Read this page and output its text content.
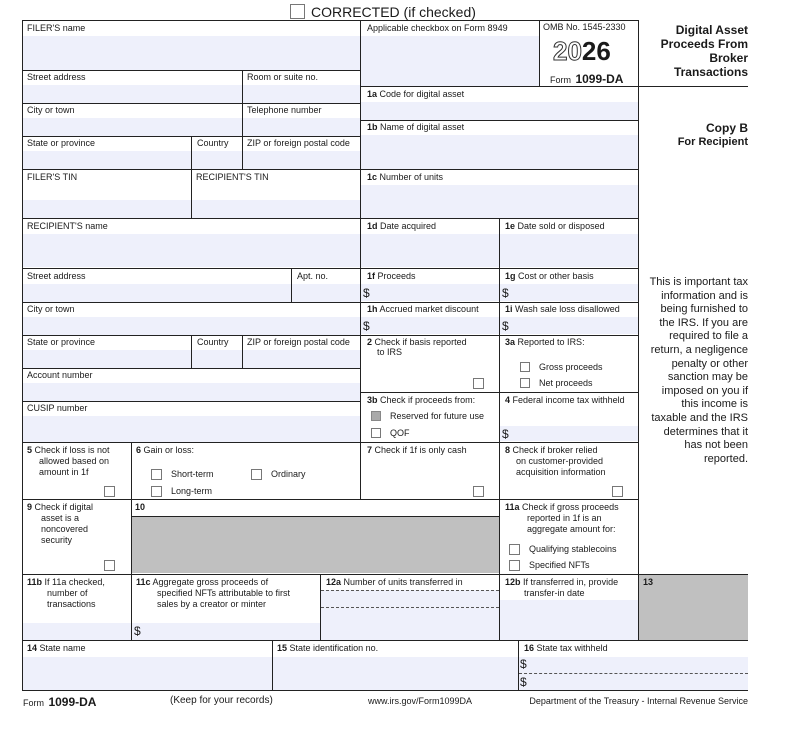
CORRECTED (if checked)
FILER'S name
Street address	Room or suite no.
City or town	Telephone number
State or province	Country ZIP or foreign postal code
FILER'S TIN	RECIPIENT'S TIN
RECIPIENT'S name
Street address	Apt. no.
City or town
State or province	Country ZIP or foreign postal code
Account number
CUSIP number
Applicable checkbox on Form 8949	OMB No. 1545-2330
2026
Form 1099-DA
1a Code for digital asset
1b Name of digital asset
1c Number of units
1d Date acquired	1e Date sold or disposed
1f Proceeds	1g Cost or other basis
$	$
1h Accrued market discount	1i Wash sale loss disallowed
$	$
2 Check if basis reported
to IRS
3a Reported to IRS:
Gross proceeds
Net proceeds
3b Check if proceeds from:
Reserved for future use
QOF
4 Federal income tax withheld
$
5 Check if loss is not
allowed based on
amount in 1f
6 Gain or loss:
Short-term	Ordinary
Long-term
7 Check if 1f is only cash	8 Check if broker relied
on customer-provided
acquisition information
9 Check if digital
asset is a
noncovered
security
10	11a Check if gross proceeds
reported in 1f is an
aggregate amount for:
Qualifying stablecoins
Specified NFTs
11b If 11a checked,
number of
transactions
11c Aggregate gross proceeds of
specified NFTs attributable to first
sales by a creator or minter
$
12a Number of units transferred in	12b If transferred in, provide
transfer-in date
13
14 State name	15 State identification no.	16 State tax withheld
$
$
Digital Asset
Proceeds From
Broker
Transactions
Copy B
For Recipient
This is important tax
information and is
being furnished to
the IRS. If you are
required to file a
return, a negligence
penalty or other
sanction may be
imposed on you if
this income is
taxable and the IRS
determines that it
has not been
reported.
Form 1099-DA	(Keep for your records)	www.irs.gov/Form1099DA	Department of the Treasury - Internal Revenue Service
